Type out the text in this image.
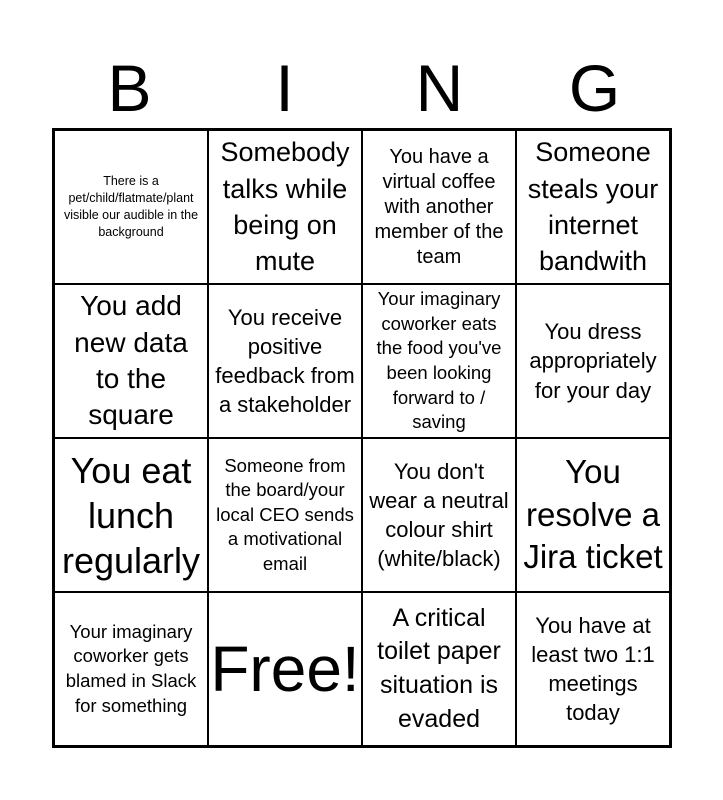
B	I	N	G
There is a pet/child/flatmate/plant visible our audible in the background
Somebody talks while being on mute
You have a virtual coffee with another member of the team
Someone steals your internet bandwith
You add new data to the square
You receive positive feedback from a stakeholder
Your imaginary coworker eats the food you've been looking forward to / saving
You dress appropriately for your day
You eat lunch regularly
Someone from the board/your local CEO sends a motivational email
You don't wear a neutral colour shirt (white/black)
You resolve a Jira ticket
Your imaginary coworker gets blamed in Slack for something
Free!
A critical toilet paper situation is evaded
You have at least two 1:1 meetings today
